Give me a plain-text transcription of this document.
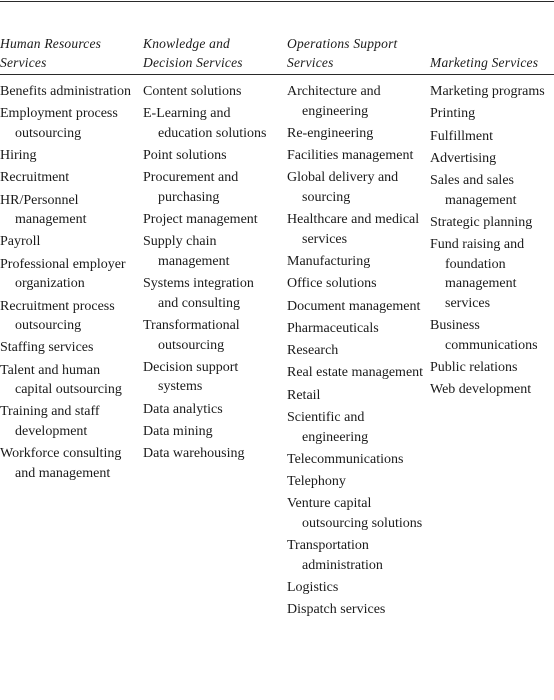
Human Resources
Services
Knowledge and
Decision Services
Operations Support
Services	Marketing Services
Benefits administration
Employment process outsourcing
Hiring
Recruitment
HR/Personnel management
Payroll
Professional employer organization
Recruitment process outsourcing
Staffing services
Talent and human capital outsourcing
Training and staff development
Workforce consulting and management
Content solutions
E-Learning and education solutions
Point solutions
Procurement and purchasing
Project management
Supply chain management
Systems integration and consulting
Transformational outsourcing
Decision support systems
Data analytics
Data mining
Data warehousing
Architecture and engineering
Re-engineering
Facilities management
Global delivery and sourcing
Healthcare and medical services
Manufacturing
Office solutions
Document management
Pharmaceuticals
Research
Real estate management
Retail
Scientific and engineering
Telecommunications
Telephony
Venture capital outsourcing solutions
Transportation administration
Logistics
Dispatch services
Marketing programs
Printing
Fulfillment
Advertising
Sales and sales management
Strategic planning
Fund raising and foundation management services
Business communications
Public relations
Web development
